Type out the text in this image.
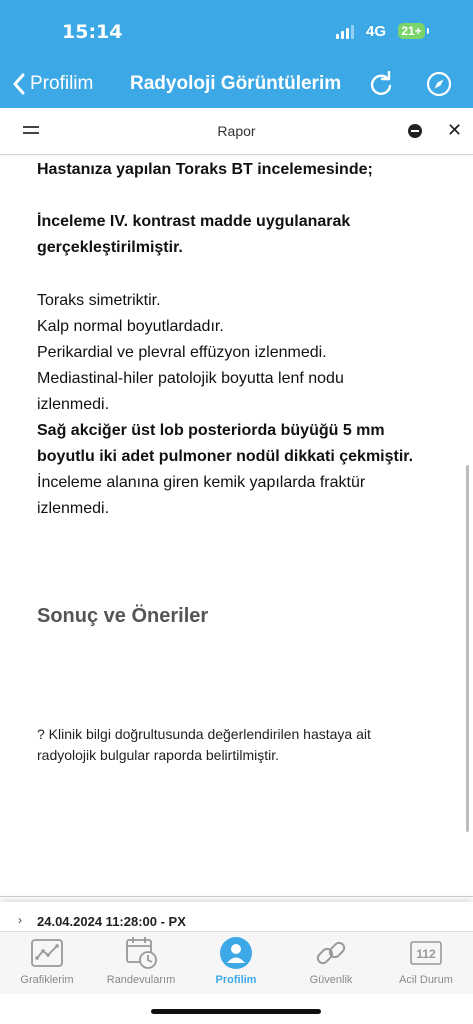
15:14	4G 21+
Profilim Radyoloji Görüntülerim
Rapor	✕

Hastanıza yapılan Toraks BT incelemesinde;

İnceleme IV. kontrast madde uygulanarak gerçekleştirilmiştir.

Toraks simetriktir.

Kalp normal boyutlardadır.

Perikardial ve plevral effüzyon izlenmedi.

Mediastinal-hiler patolojik boyutta lenf nodu izlenmedi.

Sağ akciğer üst lob posteriorda büyüğü 5 mm boyutlu iki adet pulmoner nodül dikkati çekmiştir.

İnceleme alanına giren kemik yapılarda fraktür izlenmedi.

Sonuç ve Öneriler
? Klinik bilgi doğrultusunda değerlendirilen hastaya ait radyolojik bulgular raporda belirtilmiştir.
› 24.04.2024 11:28:00 - PX
Grafiklerim	Randevularım	Profilim	Güvenlik
112
Acil Durum
